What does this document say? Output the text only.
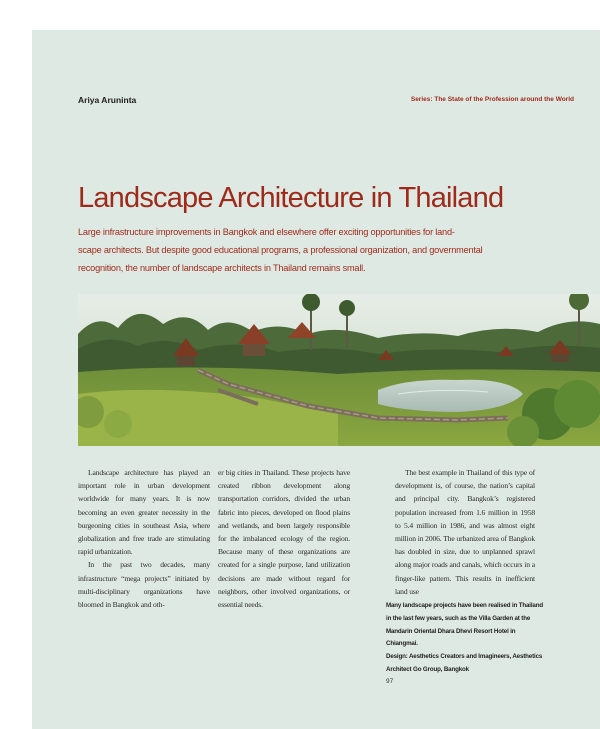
Ariya Aruninta	Series: The State of the Profession around the World
Landscape Architecture in Thailand
Large infrastructure improvements in Bangkok and elsewhere offer exciting opportunities for land-
scape architects. But despite good educational programs, a professional organization, and governmental
recognition, the number of landscape architects in Thailand remains small.

Landscape architecture has played an important role in urban development worldwide for many years. It is now becoming an even greater necessity in the burgeoning cities in southeast Asia, where globalization and free trade are stimulating rapid urbanization.

In the past two decades, many infrastructure “mega projects” initiated by multi-disciplinary organizations have bloomed in Bangkok and oth-

er big cities in Thailand. These projects have created ribbon development along transportation corridors, divided the urban fabric into pieces, developed on flood plains and wetlands, and been largely responsible for the imbalanced ecology of the region. Because many of these organizations are created for a single purpose, land utilization decisions are made without regard for neighbors, other involved organizations, or essential needs.

The best example in Thailand of this type of development is, of course, the nation’s capital and principal city. Bangkok’s registered population increased from 1.6 million in 1958 to 5.4 million in 1986, and was almost eight million in 2006. The urbanized area of Bangkok has doubled in size, due to unplanned sprawl along major roads and canals, which occurs in a finger-like pattern. This results in inefficient land use

Many landscape projects have been realised in Thailand in the last few years, such as the Villa Garden at the Mandarin Oriental Dhara Dhevi Resort Hotel in Chiangmai.

Design: Aesthetics Creators and Imagineers, Aesthetics Architect Go Group, Bangkok

97
